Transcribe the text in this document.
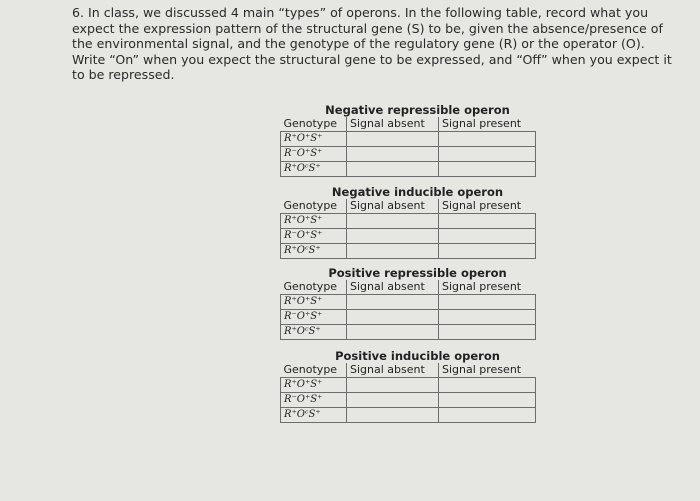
6. In class, we discussed 4 main “types” of operons. In the following table, record what you
expect the expression pattern of the structural gene (S) to be, given the absence/presence of
the environmental signal, and the genotype of the regulatory gene (R) or the operator (O).
Write “On” when you expect the structural gene to be expressed, and “Off” when you expect it
to be repressed.
Negative repressible operon
Genotype	Signal absent	Signal present
R⁺O⁺S⁺		
R⁻O⁺S⁺		
R⁺OᶜS⁺		
Negative inducible operon
Genotype	Signal absent	Signal present
R⁺O⁺S⁺		
R⁻O⁺S⁺		
R⁺OᶜS⁺		
Positive repressible operon
Genotype	Signal absent	Signal present
R⁺O⁺S⁺		
R⁻O⁺S⁺		
R⁺OᶜS⁺		
Positive inducible operon
Genotype	Signal absent	Signal present
R⁺O⁺S⁺		
R⁻O⁺S⁺		
R⁺OᶜS⁺		
